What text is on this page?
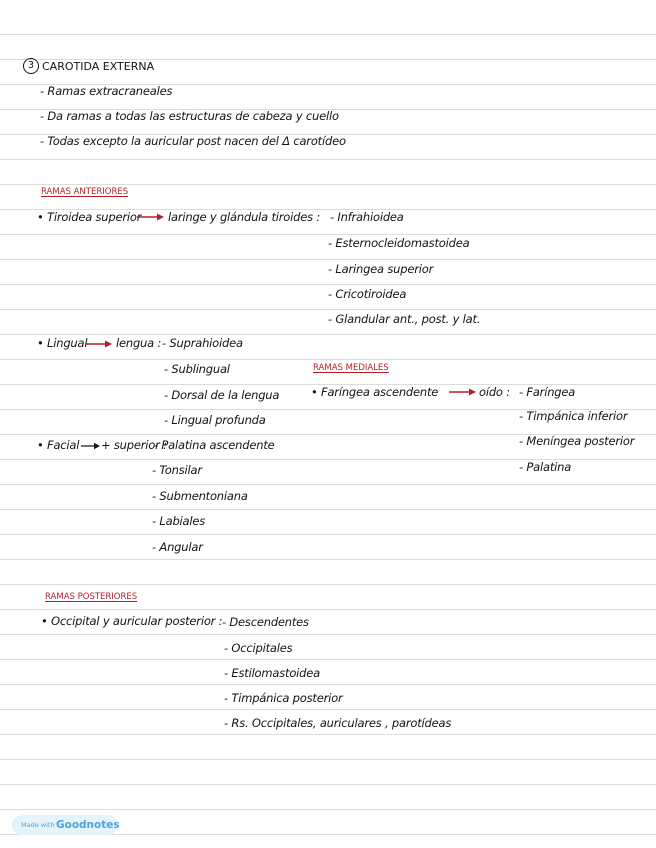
3 CAROTIDA EXTERNA
- Ramas extracraneales
- Da ramas a todas las estructuras de cabeza y cuello
- Todas excepto la auricular post nacen del Δ carotídeo
RAMAS ANTERIORES
• Tiroidea superior laringe y glándula tiroides : - Infrahioidea
- Esternocleidomastoidea
- Laringea superior
- Cricotiroidea
- Glandular ant., post. y lat.
• Lingual lengua : - Suprahioidea
- Sublingual
- Dorsal de la lengua
- Lingual profunda
• Facial + superior :
- Palatina ascendente
- Tonsilar
- Submentoniana
- Labiales
- Angular
RAMAS MEDIALES
• Faríngea ascendente	oído : - Faríngea
- Timpánica inferior
- Meníngea posterior
- Palatina
RAMAS POSTERIORES
• Occipital y auricular posterior : - Descendentes
- Occipitales
- Estilomastoidea
- Timpánica posterior
- Rs. Occipitales, auriculares , parotídeas
Made with Goodnotes
